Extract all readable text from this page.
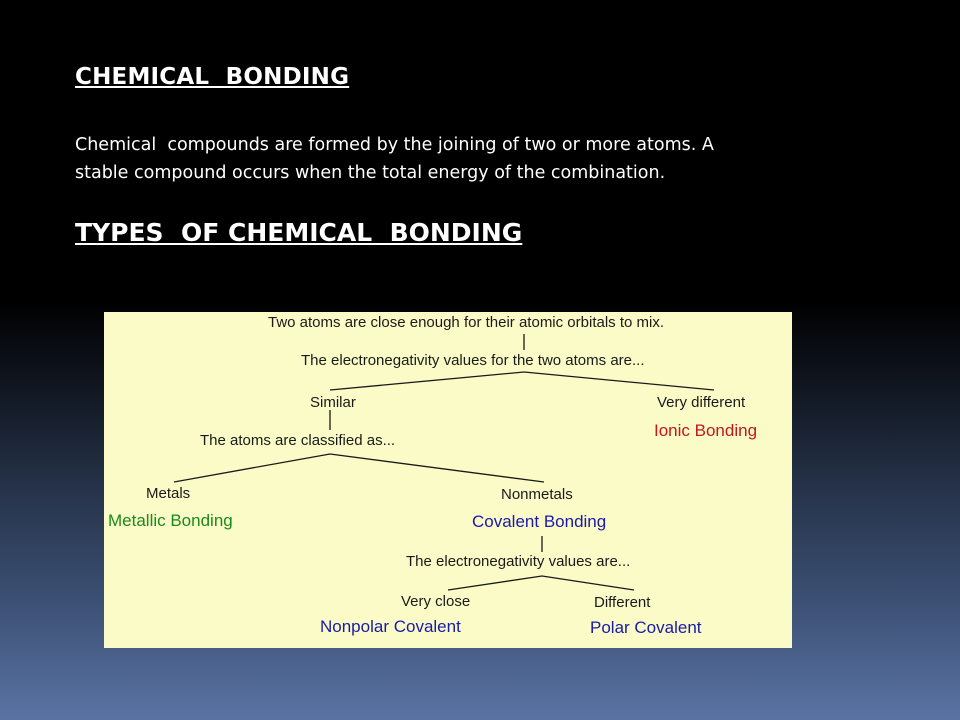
CHEMICAL  BONDING
Chemical  compounds are formed by the joining of two or more atoms. A
stable compound occurs when the total energy of the combination.
TYPES  OF CHEMICAL  BONDING
Two atoms are close enough for their atomic orbitals to mix.
The electronegativity values for the two atoms are...
Similar	Very different
Ionic Bonding
The atoms are classified as...
Metals	Nonmetals
Metallic Bonding	Covalent Bonding
The electronegativity values are...
Very close	Different
Nonpolar Covalent	Polar Covalent
